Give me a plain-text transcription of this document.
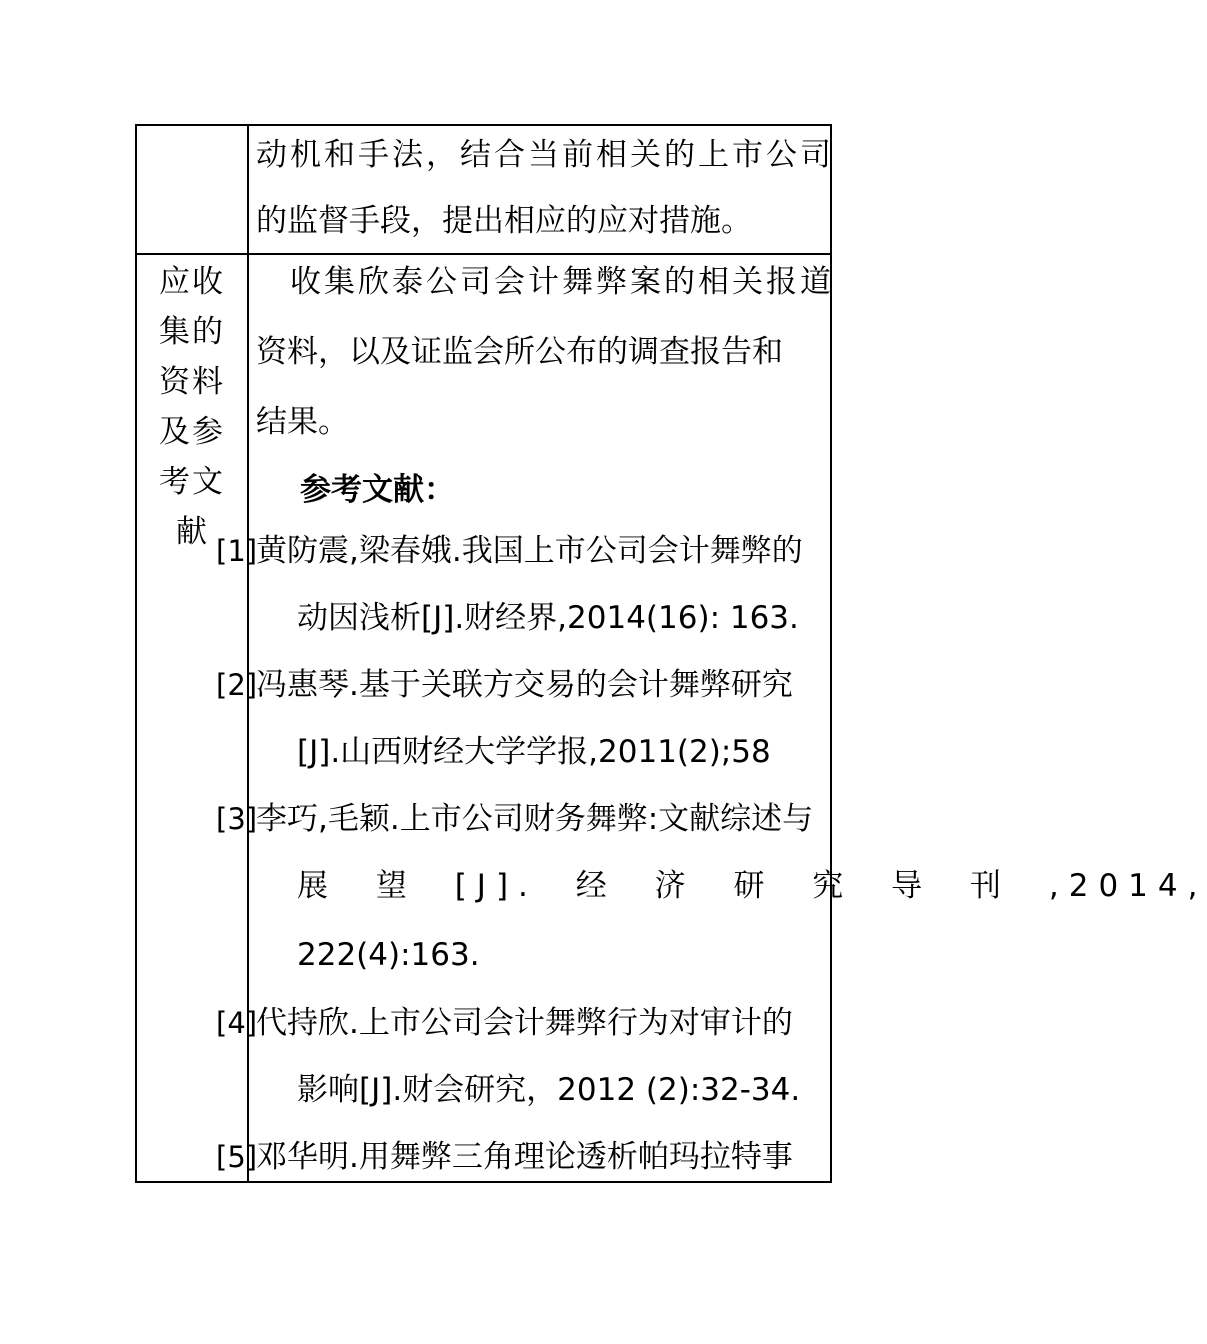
动机和手法，结合当前相关的上市公司
的监督手段，提出相应的应对措施。
应收
集的
资料
及参
考文
献
收集欣泰公司会计舞弊案的相关报道
资料，以及证监会所公布的调查报告和
结果。
参考文献：
[1]
黄防震,梁春娥.我国上市公司会计舞弊的
动因浅析[J].财经界,2014(16): 163.
[2]
冯惠琴.基于关联方交易的会计舞弊研究
[J].山西财经大学学报,2011(2);58
[3]
李巧,毛颖.上市公司财务舞弊:文献综述与
展 望 [J]. 经 济 研 究 导 刊 ,2014,
222(4):163.
[4]
代持欣.上市公司会计舞弊行为对审计的
影响[J].财会研究，2012 (2):32-34.
[5]
邓华明.用舞弊三角理论透析帕玛拉特事
